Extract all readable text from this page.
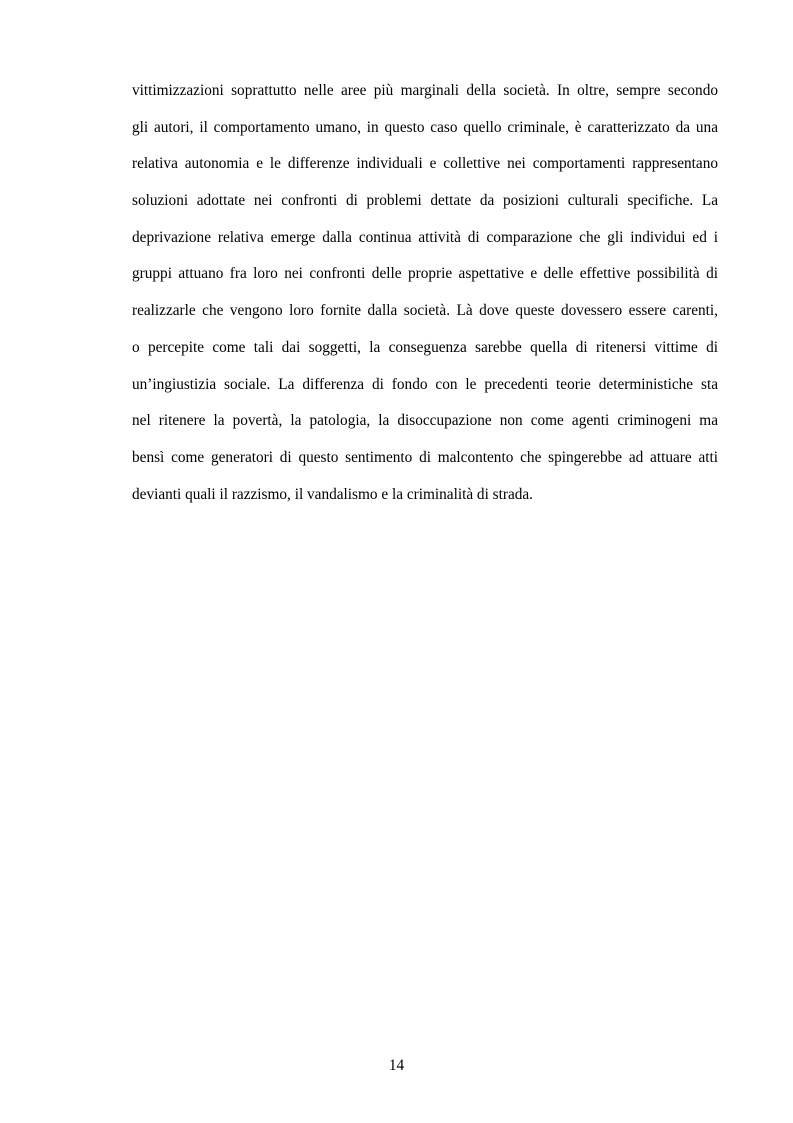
vittimizzazioni soprattutto nelle aree più marginali della società. In oltre, sempre secondo
gli autori, il comportamento umano, in questo caso quello criminale, è caratterizzato da una
relativa autonomia e le differenze individuali e collettive nei comportamenti rappresentano
soluzioni adottate nei confronti di problemi dettate da posizioni culturali specifiche. La
deprivazione relativa emerge dalla continua attività di comparazione che gli individui ed i
gruppi attuano fra loro nei confronti delle proprie aspettative e delle effettive possibilità di
realizzarle che vengono loro fornite dalla società. Là dove queste dovessero essere carenti,
o percepite come tali dai soggetti, la conseguenza sarebbe quella di ritenersi vittime di
un’ingiustizia sociale. La differenza di fondo con le precedenti teorie deterministiche sta
nel ritenere la povertà, la patologia, la disoccupazione non come agenti criminogeni ma
bensì come generatori di questo sentimento di malcontento che spingerebbe ad attuare atti
devianti quali il razzismo, il vandalismo e la criminalità di strada.
14
